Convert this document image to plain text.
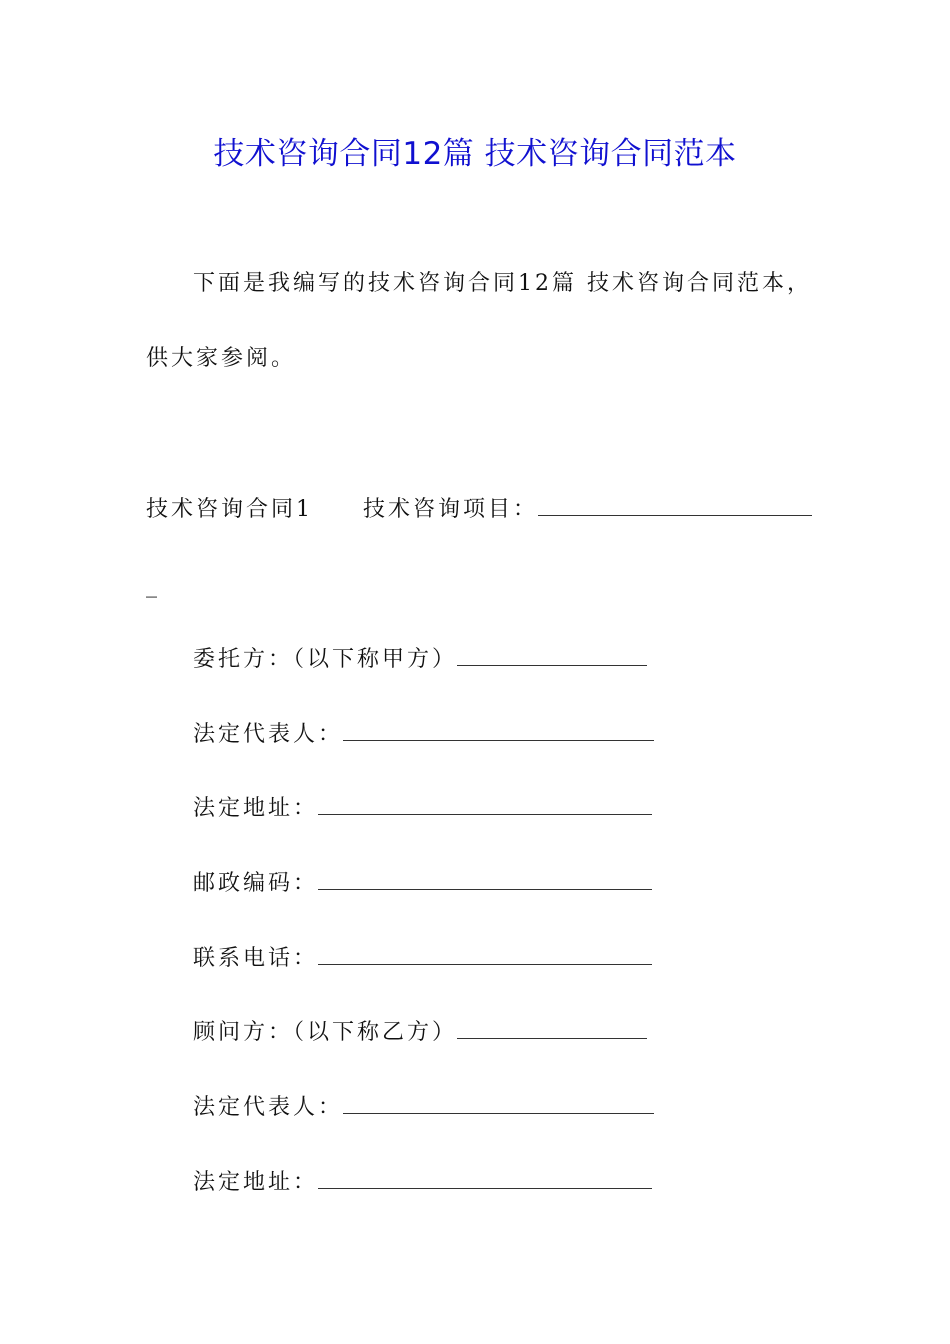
技术咨询合同12篇 技术咨询合同范本
下面是我编写的技术咨询合同12篇 技术咨询合同范本，
供大家参阅。
技术咨询合同1 技术咨询项目：
_
委托方：（以下称甲方）
法定代表人：
法定地址：
邮政编码：
联系电话：
顾问方：（以下称乙方）
法定代表人：
法定地址：
